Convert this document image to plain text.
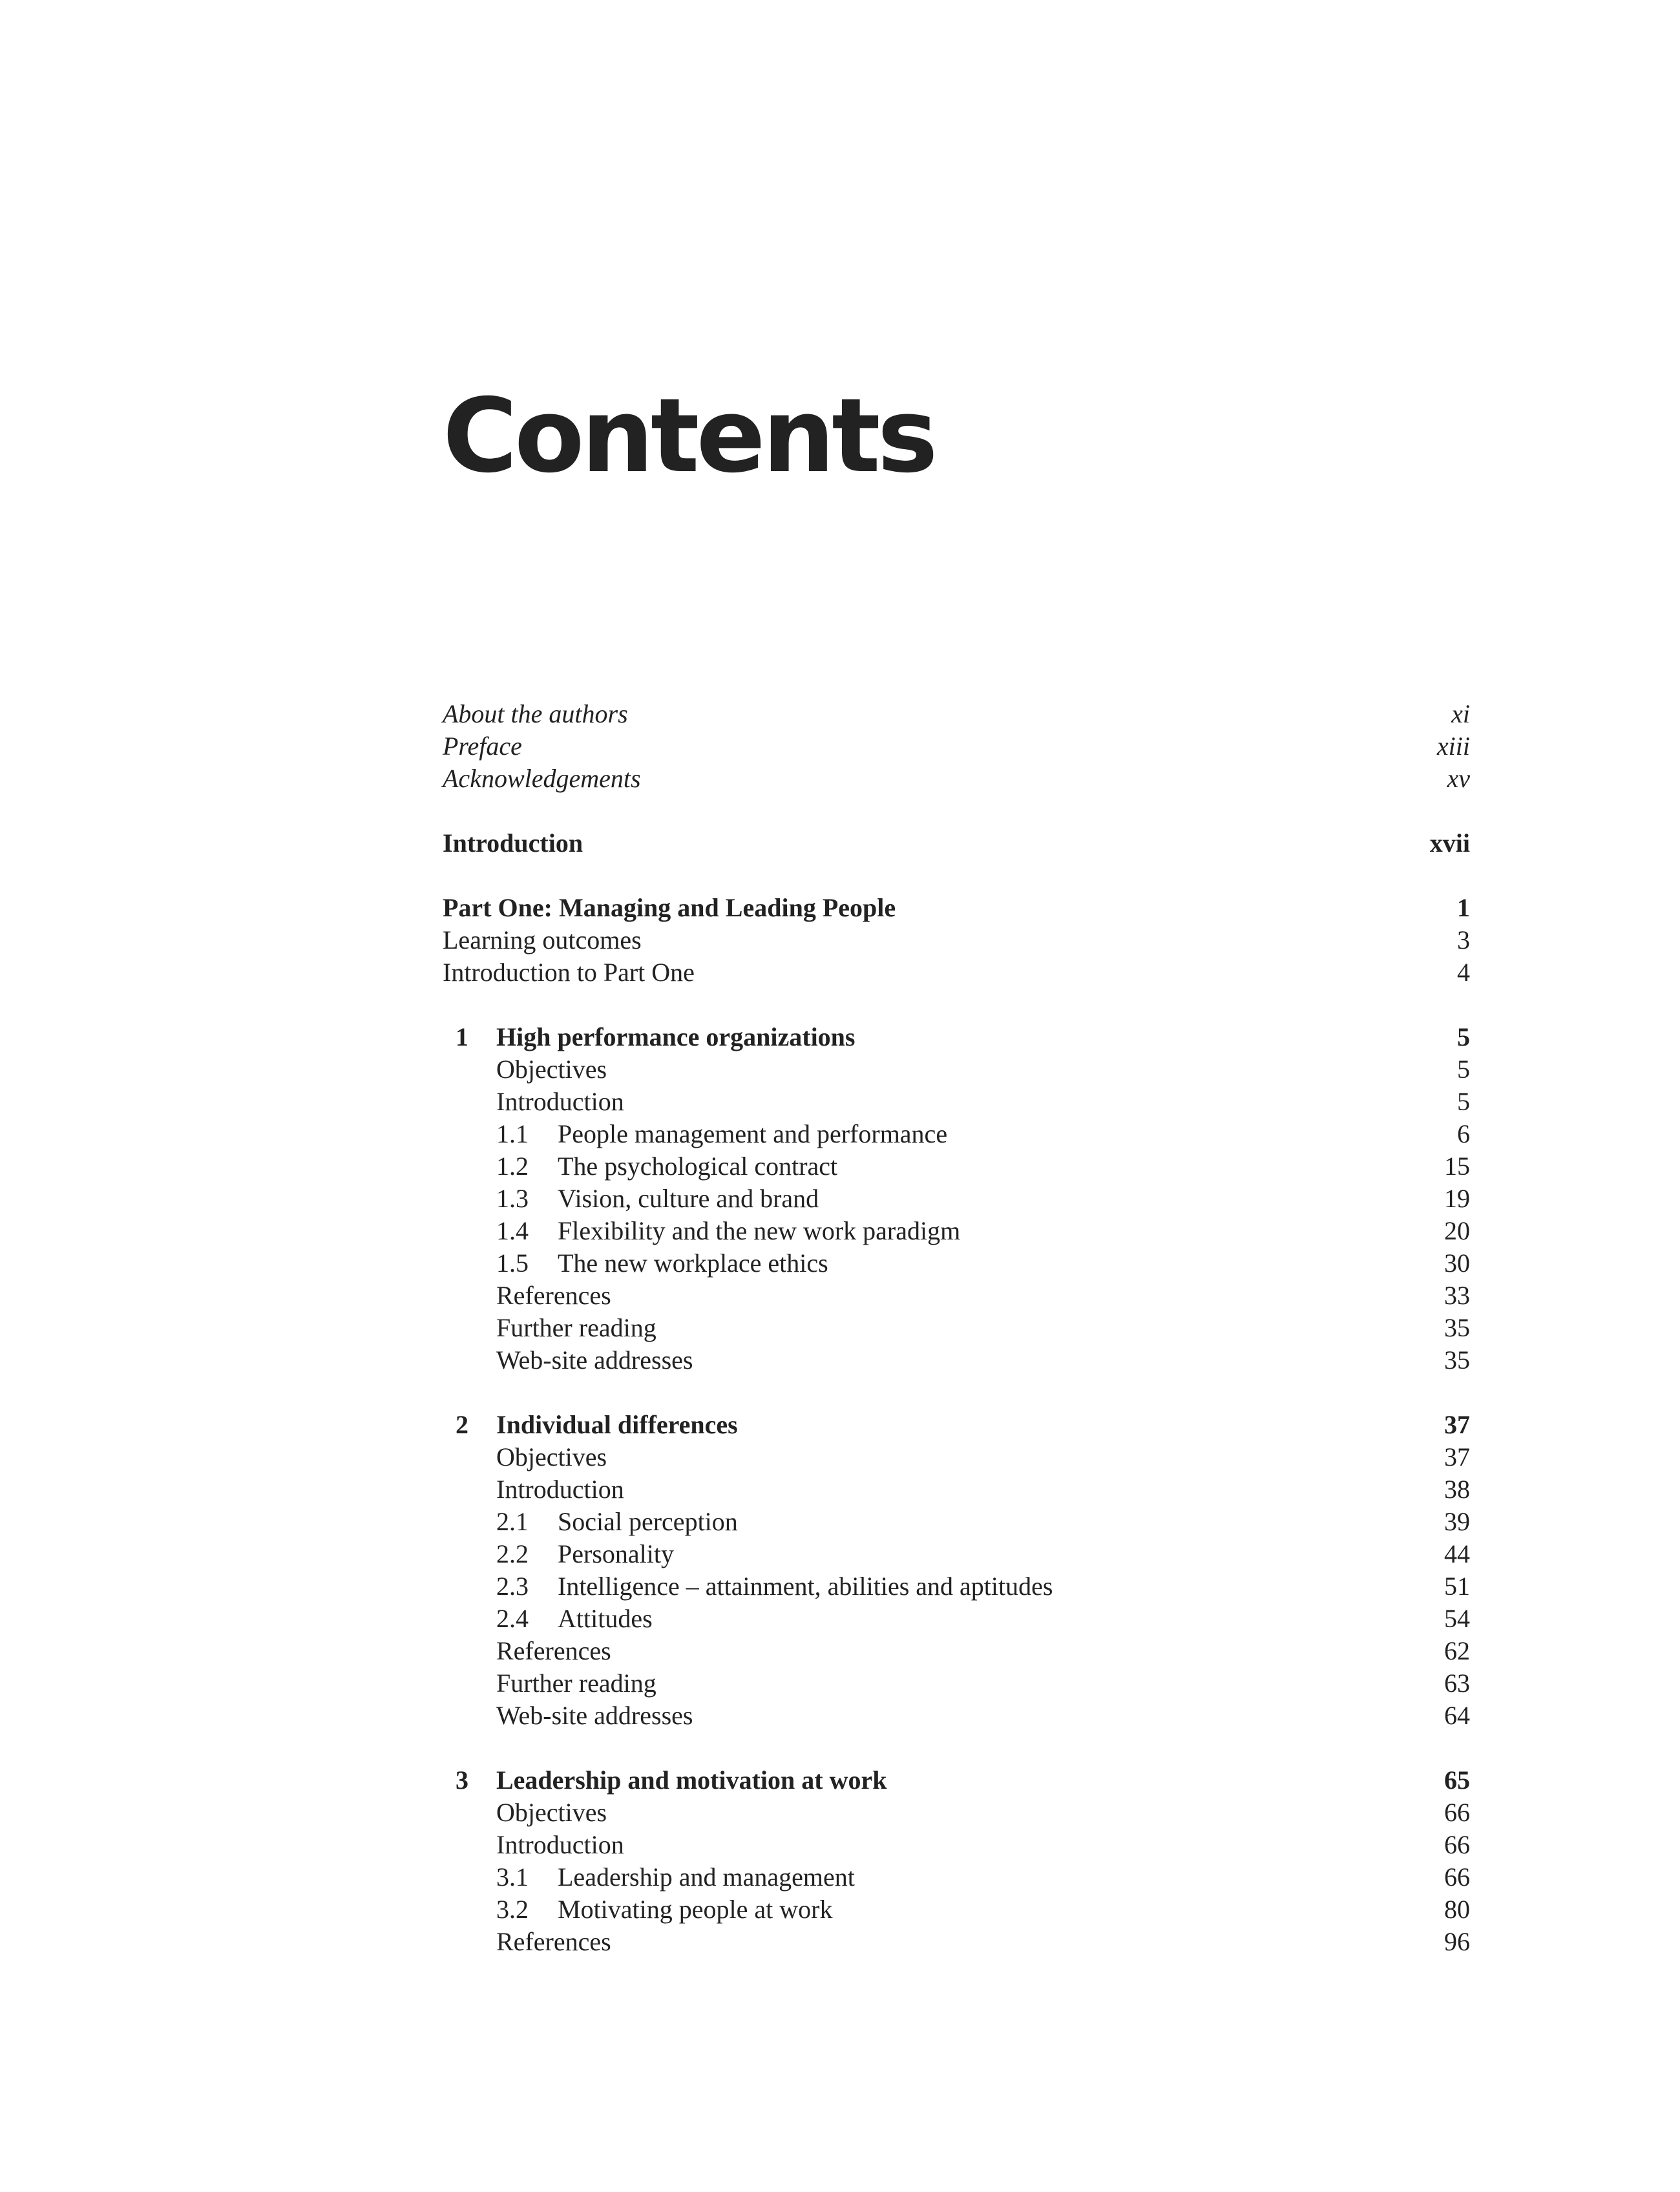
Contents
About the authors	xi
Preface	xiii
Acknowledgements	xv
Introduction	xvii
Part One: Managing and Leading People	1
Learning outcomes	3
Introduction to Part One	4
1	High performance organizations	5
Objectives	5
Introduction	5
1.1 People management and performance	6
1.2 The psychological contract	15
1.3 Vision, culture and brand	19
1.4 Flexibility and the new work paradigm	20
1.5 The new workplace ethics	30
References	33
Further reading	35
Web-site addresses	35
2	Individual differences	37
Objectives	37
Introduction	38
2.1 Social perception	39
2.2 Personality	44
2.3 Intelligence – attainment, abilities and aptitudes	51
2.4 Attitudes	54
References	62
Further reading	63
Web-site addresses	64
3	Leadership and motivation at work	65
Objectives	66
Introduction	66
3.1 Leadership and management	66
3.2 Motivating people at work	80
References	96
